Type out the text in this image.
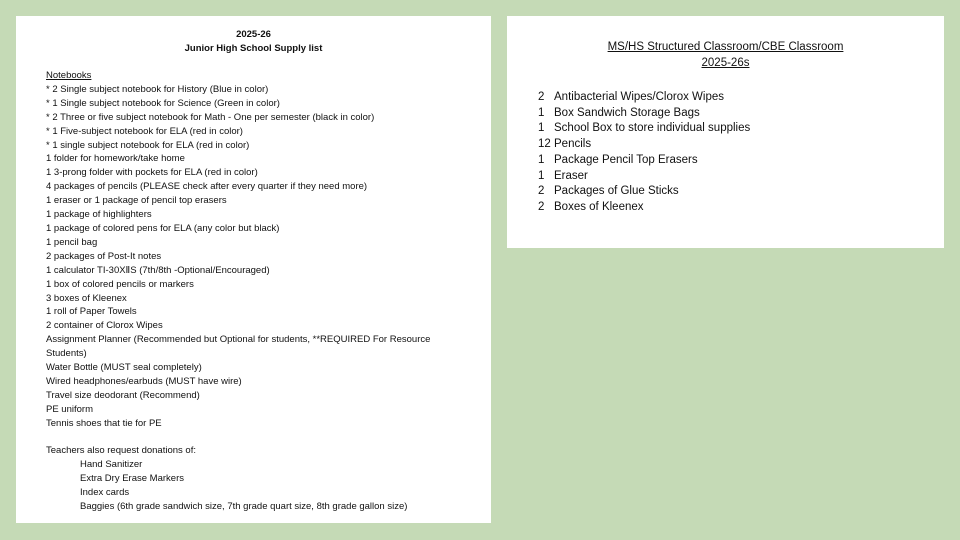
2025-26
Junior High School Supply list
Notebooks
* 2 Single subject notebook for History (Blue in color)
* 1 Single subject notebook for Science (Green in color)
* 2 Three or five subject notebook for Math - One per semester (black in color)
* 1 Five-subject notebook for ELA (red in color)
* 1 single subject notebook for ELA (red in color)
1 folder for homework/take home
1 3-prong folder with pockets for ELA (red in color)
4 packages of pencils (PLEASE check after every quarter if they need more)
1 eraser or 1 package of pencil top erasers
1 package of highlighters
1 package of colored pens for ELA (any color but black)
1 pencil bag
2 packages of Post-It notes
1 calculator TI-30XⅡS (7th/8th -Optional/Encouraged)
1 box of colored pencils or markers
3 boxes of Kleenex
1 roll of Paper Towels
2 container of Clorox Wipes
Assignment Planner (Recommended but Optional for students, **REQUIRED For Resource Students)
Water Bottle (MUST seal completely)
Wired headphones/earbuds (MUST have wire)
Travel size deodorant (Recommend)
PE uniform
Tennis shoes that tie for PE
Teachers also request donations of:
Hand Sanitizer
Extra Dry Erase Markers
Index cards
Baggies (6th grade sandwich size, 7th grade quart size, 8th grade gallon size)
MS/HS Structured Classroom/CBE Classroom
2025-26s
2 Antibacterial Wipes/Clorox Wipes
1 Box Sandwich Storage Bags
1 School Box to store individual supplies
12 Pencils
1 Package Pencil Top Erasers
1 Eraser
2 Packages of Glue Sticks
2 Boxes of Kleenex
